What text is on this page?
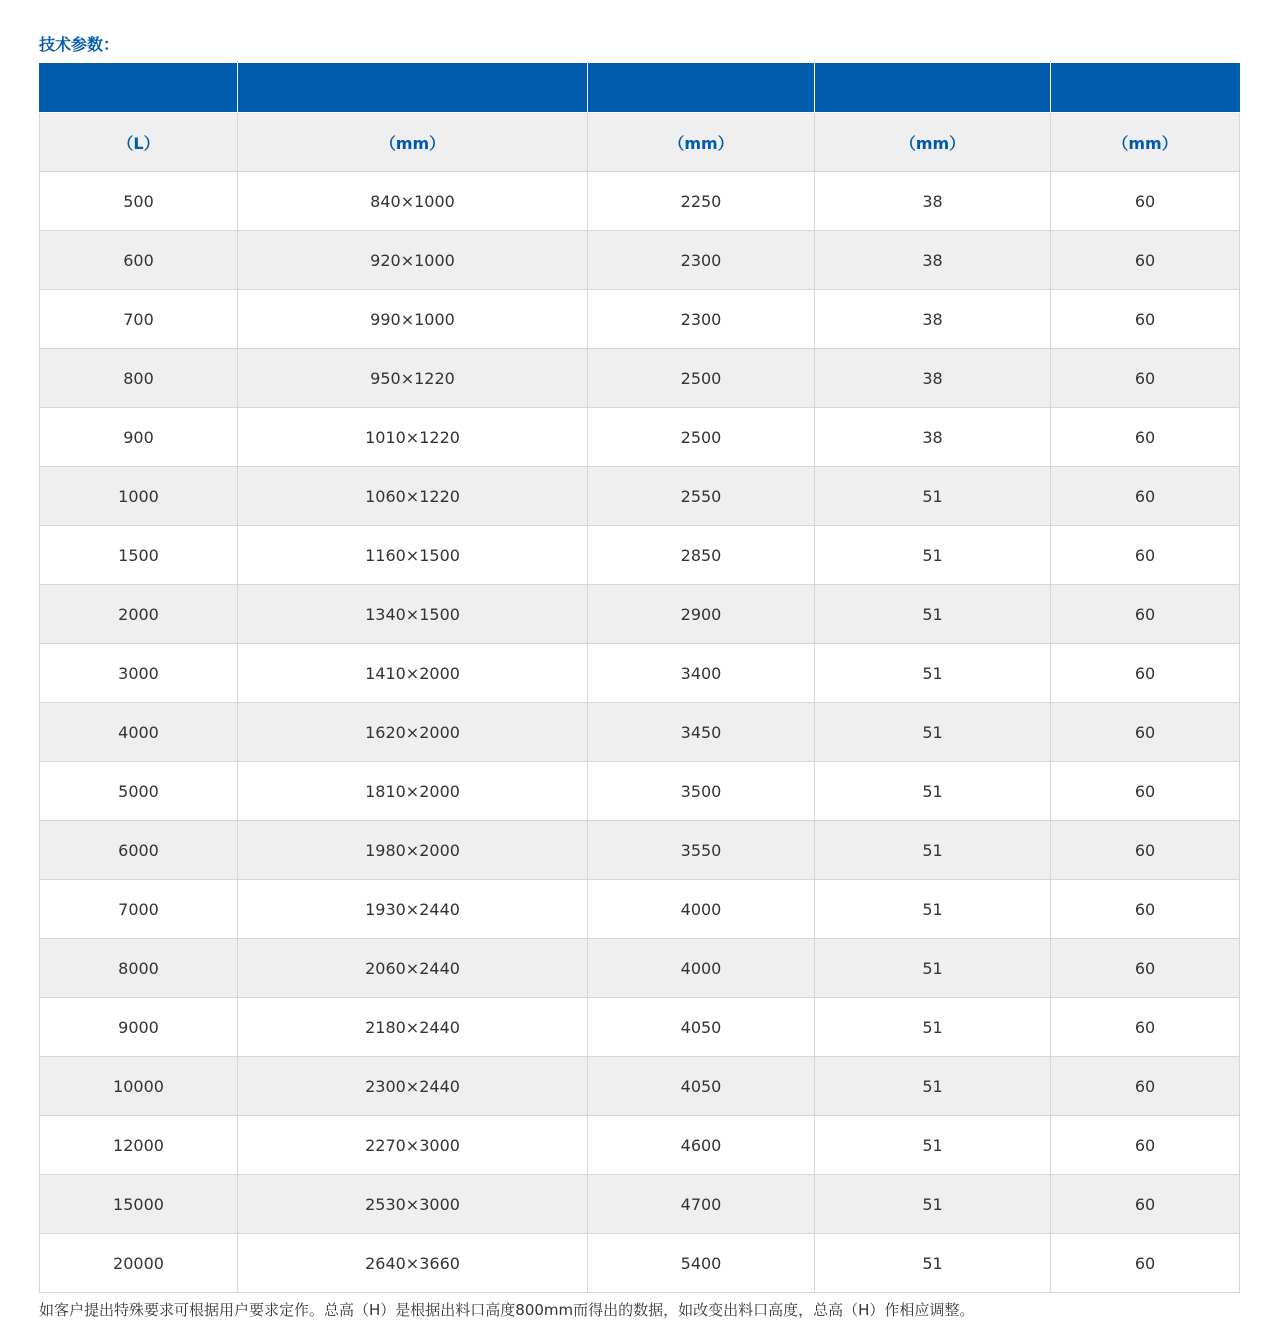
技术参数：

（L）	（mm）	（mm）	（mm）	（mm）
500	840×1000	2250	38	60
600	920×1000	2300	38	60
700	990×1000	2300	38	60
800	950×1220	2500	38	60
900	1010×1220	2500	38	60
1000	1060×1220	2550	51	60
1500	1160×1500	2850	51	60
2000	1340×1500	2900	51	60
3000	1410×2000	3400	51	60
4000	1620×2000	3450	51	60
5000	1810×2000	3500	51	60
6000	1980×2000	3550	51	60
7000	1930×2440	4000	51	60
8000	2060×2440	4000	51	60
9000	2180×2440	4050	51	60
10000	2300×2440	4050	51	60
12000	2270×3000	4600	51	60
15000	2530×3000	4700	51	60
20000	2640×3660	5400	51	60

如客户提出特殊要求可根据用户要求定作。总高（H）是根据出料口高度800mm而得出的数据，如改变出料口高度，总高（H）作相应调整。
